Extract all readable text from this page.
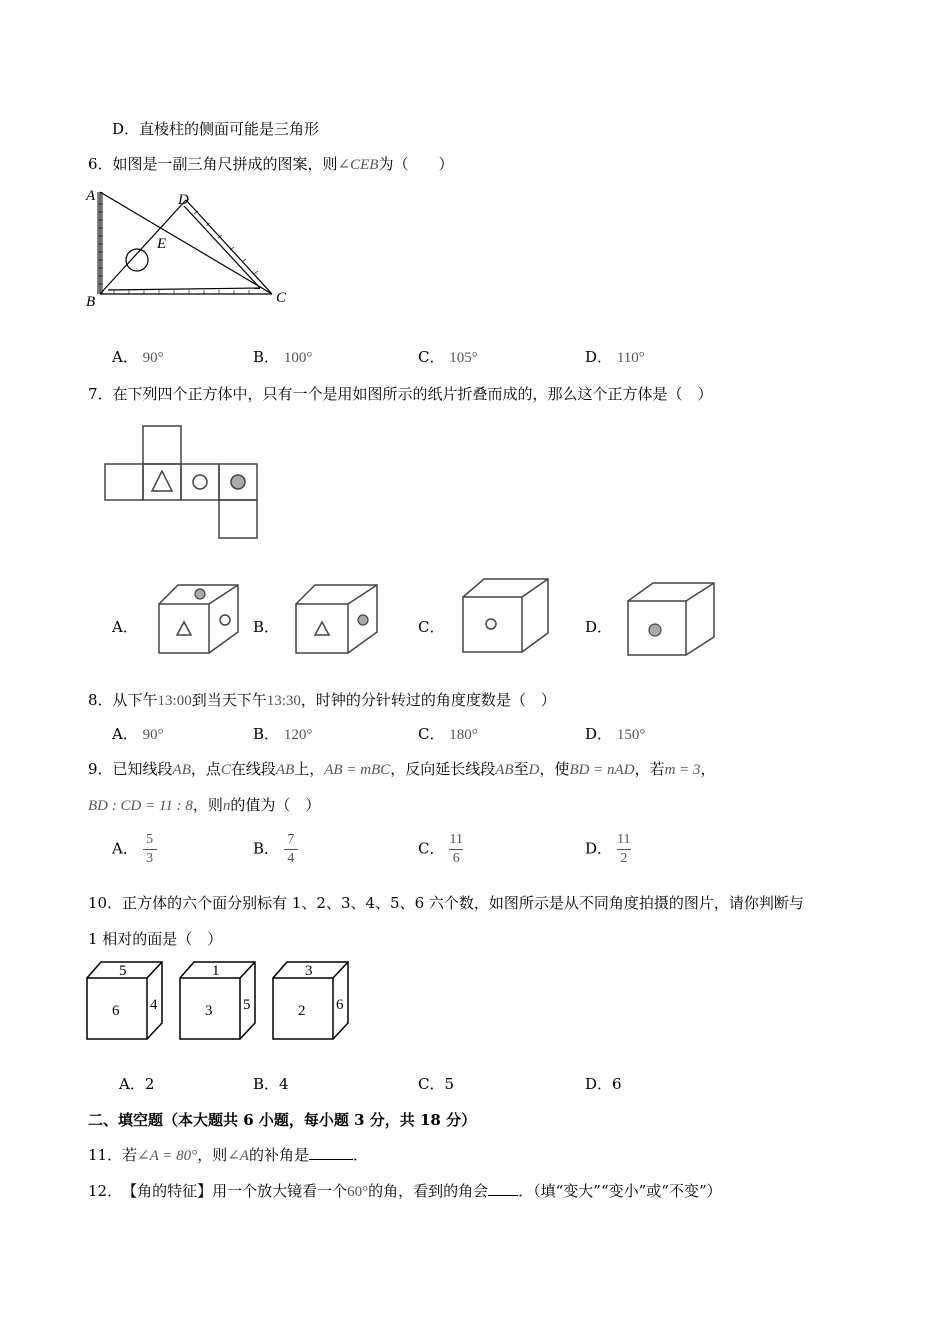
D．直棱柱的侧面可能是三角形
6．如图是一副三角尺拼成的图案，则∠CEB为（　　）
A
B	C
D
E
A． 90°	B． 100°	C． 105°	D． 110°
7．在下列四个正方体中，只有一个是用如图所示的纸片折叠而成的，那么这个正方体是（　）
A．	B．	C．	D．
8．从下午13:00到当天下午13:30，时钟的分针转过的角度度数是（　）
A． 90°	B． 120°	C． 180°	D． 150°
9．已知线段AB，点C在线段AB上，AB = mBC，反向延长线段AB至D，使BD = nAD，若m = 3，
BD : CD = 11 : 8，则n的值为（　）
A． $\frac{5}{3}$	B． $\frac{7}{4}$	C． $\frac{11}{6}$	D． $\frac{11}{2}$
10．正方体的六个面分别标有 1、2、3、4、5、6 六个数，如图所示是从不同角度拍摄的图片，请你判断与
1 相对的面是（　）
5
6 4
1
3 5
3
2 6
A．2	B．4	C．5	D．6
二、填空题（本大题共 6 小题，每小题 3 分，共 18 分）
11．若∠A = 80°，则∠A的补角是	．
12．　【角的特征】用一个放大镜看一个60°的角，看到的角会 ．（填“变大”“变小”或“不变”）
